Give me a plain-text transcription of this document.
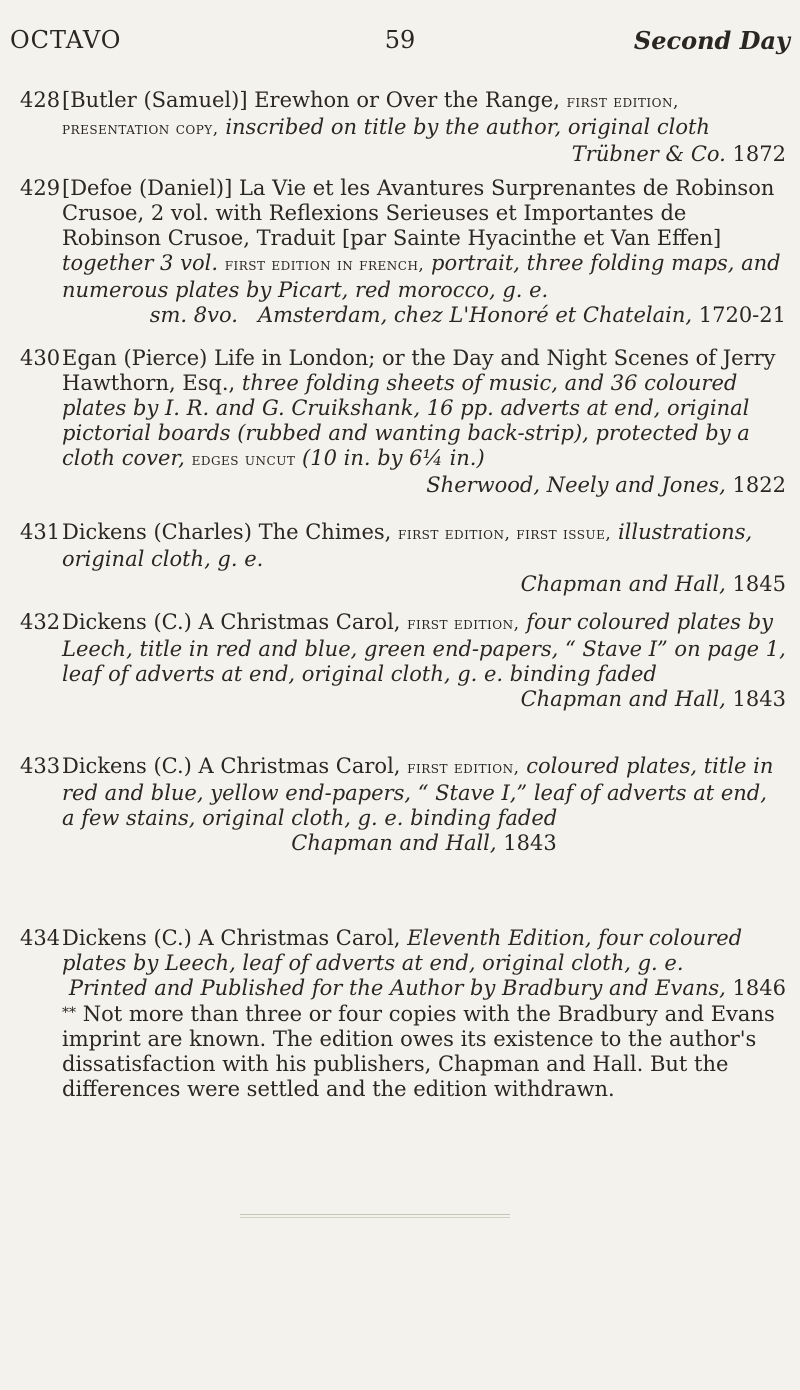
OCTAVO	59	Second Day
428 [Butler (Samuel)] Erewhon or Over the Range, first edition, presentation copy, inscribed on title by the author, original cloth
Trübner & Co. 1872

429 [Defoe (Daniel)] La Vie et les Avantures Surprenantes de Robinson Crusoe, 2 vol. with Reflexions Serieuses et Importantes de Robinson Crusoe, Traduit [par Sainte Hyacinthe et Van Effen] together 3 vol. first edition in french, portrait, three folding maps, and numerous plates by Picart, red morocco, g. e.
sm. 8vo. Amsterdam, chez L'Honoré et Chatelain, 1720-21

430 Egan (Pierce) Life in London; or the Day and Night Scenes of Jerry Hawthorn, Esq., three folding sheets of music, and 36 coloured plates by I. R. and G. Cruikshank, 16 pp. adverts at end, original pictorial boards (rubbed and wanting back-strip), protected by a cloth cover, edges uncut (10 in. by 6¼ in.)
Sherwood, Neely and Jones, 1822

431 Dickens (Charles) The Chimes, first edition, first issue, illustrations, original cloth, g. e.
Chapman and Hall, 1845

432 Dickens (C.) A Christmas Carol, first edition, four coloured plates by Leech, title in red and blue, green end-papers, “ Stave I” on page 1, leaf of adverts at end, original cloth, g. e. binding faded
Chapman and Hall, 1843

433 Dickens (C.) A Christmas Carol, first edition, coloured plates, title in red and blue, yellow end-papers, “ Stave I,” leaf of adverts at end, a few stains, original cloth, g. e. binding faded
Chapman and Hall, 1843

434 Dickens (C.) A Christmas Carol, Eleventh Edition, four coloured plates by Leech, leaf of adverts at end, original cloth, g. e.
Printed and Published for the Author by Bradbury and Evans, 1846

** Not more than three or four copies with the Bradbury and Evans imprint are known. The edition owes its existence to the author's dissatisfaction with his publishers, Chapman and Hall. But the differences were settled and the edition withdrawn.
